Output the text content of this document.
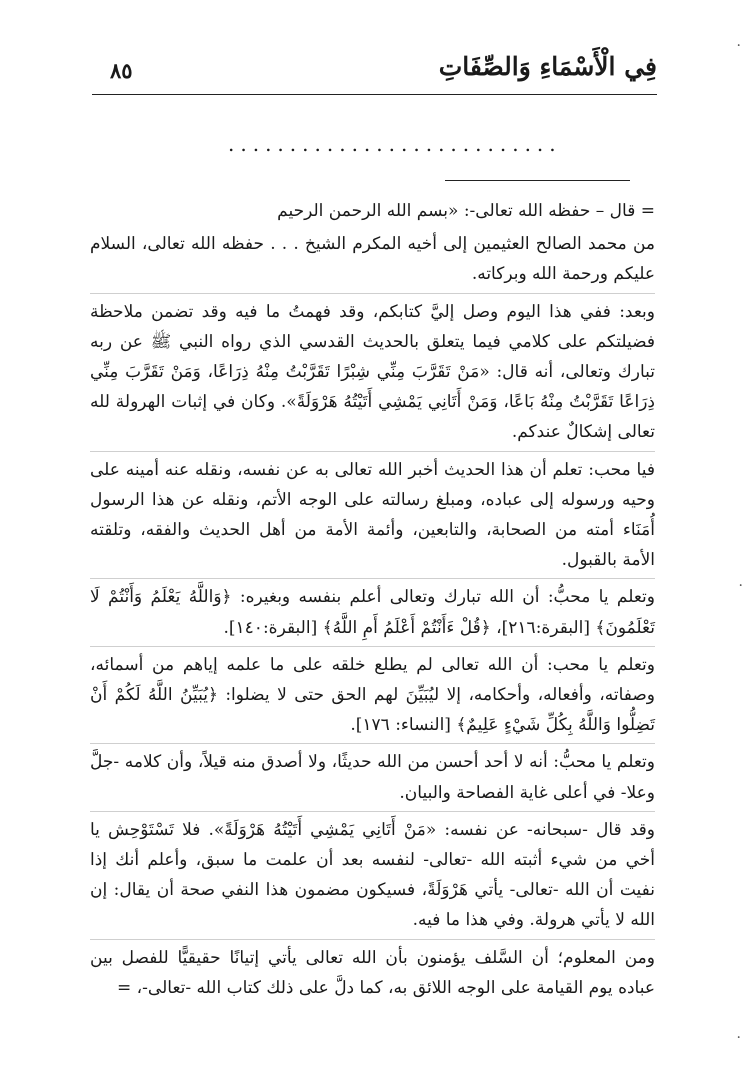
فِي الْأَسْمَاءِ وَالصِّفَاتِ
٨٥
...........................

= قال – حفظه الله تعالى-: «بسم الله الرحمن الرحيم

من محمد الصالح العثيمين إلى أخيه المكرم الشيخ . . . حفظه الله تعالى، السلام عليكم ورحمة الله وبركاته.

وبعد: ففي هذا اليوم وصل إليَّ كتابكم، وقد فهمتُ ما فيه وقد تضمن ملاحظة فضيلتكم على كلامي فيما يتعلق بالحديث القدسي الذي رواه النبي ﷺ عن ربه تبارك وتعالى، أنه قال: «مَنْ تَقَرَّبَ مِنِّي شِبْرًا تَقَرَّبْتُ مِنْهُ ذِرَاعًا، وَمَنْ تَقَرَّبَ مِنِّي ذِرَاعًا تَقَرَّبْتُ مِنْهُ بَاعًا، وَمَنْ أَتَانِي يَمْشِي أَتَيْتُهُ هَرْوَلَةً». وكان في إثبات الهرولة لله تعالى إشكالٌ عندكم.

فيا محب: تعلم أن هذا الحديث أخبر الله تعالى به عن نفسه، ونقله عنه أمينه على وحيه ورسوله إلى عباده، ومبلغ رسالته على الوجه الأتم، ونقله عن هذا الرسول أُمَنَاء أمته من الصحابة، والتابعين، وأئمة الأمة من أهل الحديث والفقه، وتلقته الأمة بالقبول.

وتعلم يا محبُّ: أن الله تبارك وتعالى أعلم بنفسه وبغيره: ﴿وَاللَّهُ يَعْلَمُ وَأَنْتُمْ لَا تَعْلَمُونَ﴾ [البقرة:٢١٦]، ﴿قُلْ ءَأَنْتُمْ أَعْلَمُ أَمِ اللَّهُ﴾ [البقرة:١٤٠].

وتعلم يا محب: أن الله تعالى لم يطلع خلقه على ما علمه إياهم من أسمائه، وصفاته، وأفعاله، وأحكامه، إلا ليُبَيِّنَ لهم الحق حتى لا يضلوا: ﴿يُبَيِّنُ اللَّهُ لَكُمْ أَنْ تَضِلُّوا وَاللَّهُ بِكُلِّ شَيْءٍ عَلِيمٌ﴾ [النساء: ١٧٦].

وتعلم يا محبُّ: أنه لا أحد أحسن من الله حديثًا، ولا أصدق منه قيلاً، وأن كلامه -جلَّ وعلا- في أعلى غاية الفصاحة والبيان.

وقد قال -سبحانه- عن نفسه: «مَنْ أَتَانِي يَمْشِي أَتَيْتُهُ هَرْوَلَةً». فلا تَسْتَوْحِش يا أخي من شيء أثبته الله -تعالى- لنفسه بعد أن علمت ما سبق، وأعلم أنك إذا نفيت أن الله -تعالى- يأتي هَرْوَلَةً، فسيكون مضمون هذا النفي صحة أن يقال: إن الله لا يأتي هرولة. وفي هذا ما فيه.

ومن المعلوم؛ أن السَّلف يؤمنون بأن الله تعالى يأتي إتيانًا حقيقيًّا للفصل بين عباده يوم القيامة على الوجه اللائق به، كما دلَّ على ذلك كتاب الله -تعالى-، =

·
·
·
